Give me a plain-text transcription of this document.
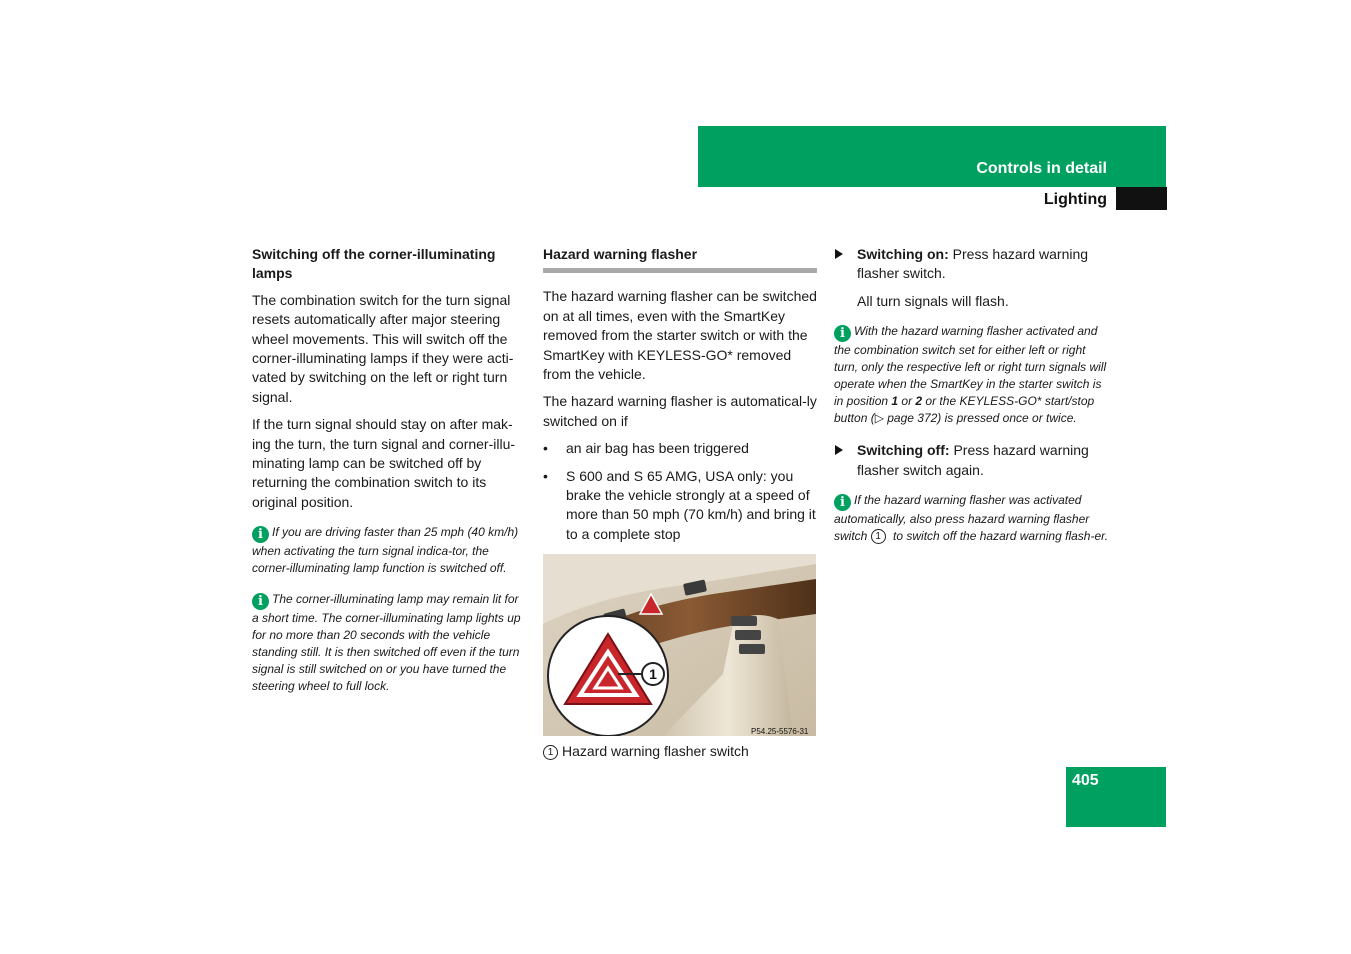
Controls in detail
Lighting
Switching off the corner-illuminating lamps

The combination switch for the turn signal resets automatically after major steering wheel movements. This will switch off the corner-illuminating lamps if they were acti-vated by switching on the left or right turn signal.

If the turn signal should stay on after mak-ing the turn, the turn signal and corner-illu-minating lamp can be switched off by returning the combination switch to its original position.

i If you are driving faster than 25 mph (40 km/h) when activating the turn signal indica-tor, the corner-illuminating lamp function is switched off.
i The corner-illuminating lamp may remain lit for a short time. The corner-illuminating lamp lights up for no more than 20 seconds with the vehicle standing still. It is then switched off even if the turn signal is still switched on or you have turned the steering wheel to full lock.
Hazard warning flasher

The hazard warning flasher can be switched on at all times, even with the SmartKey removed from the starter switch or with the SmartKey with KEYLESS-GO* removed from the vehicle.

The hazard warning flasher is automatical-ly switched on if

• an air bag has been triggered
• S 600 and S 65 AMG, USA only: you brake the vehicle strongly at a speed of more than 50 mph (70 km/h) and bring it to a complete stop
1
P54.25-5576-31
1 Hazard warning flasher switch
Switching on: Press hazard warning flasher switch.

All turn signals will flash.

i With the hazard warning flasher activated and the combination switch set for either left or right turn, only the respective left or right turn signals will operate when the SmartKey in the starter switch is in position 1 or 2 or the KEYLESS-GO* start/stop button (▷ page 372) is pressed once or twice.
Switching off: Press hazard warning flasher switch again.
i If the hazard warning flasher was activated automatically, also press hazard warning flasher switch 1 to switch off the hazard warning flash-er.
405
